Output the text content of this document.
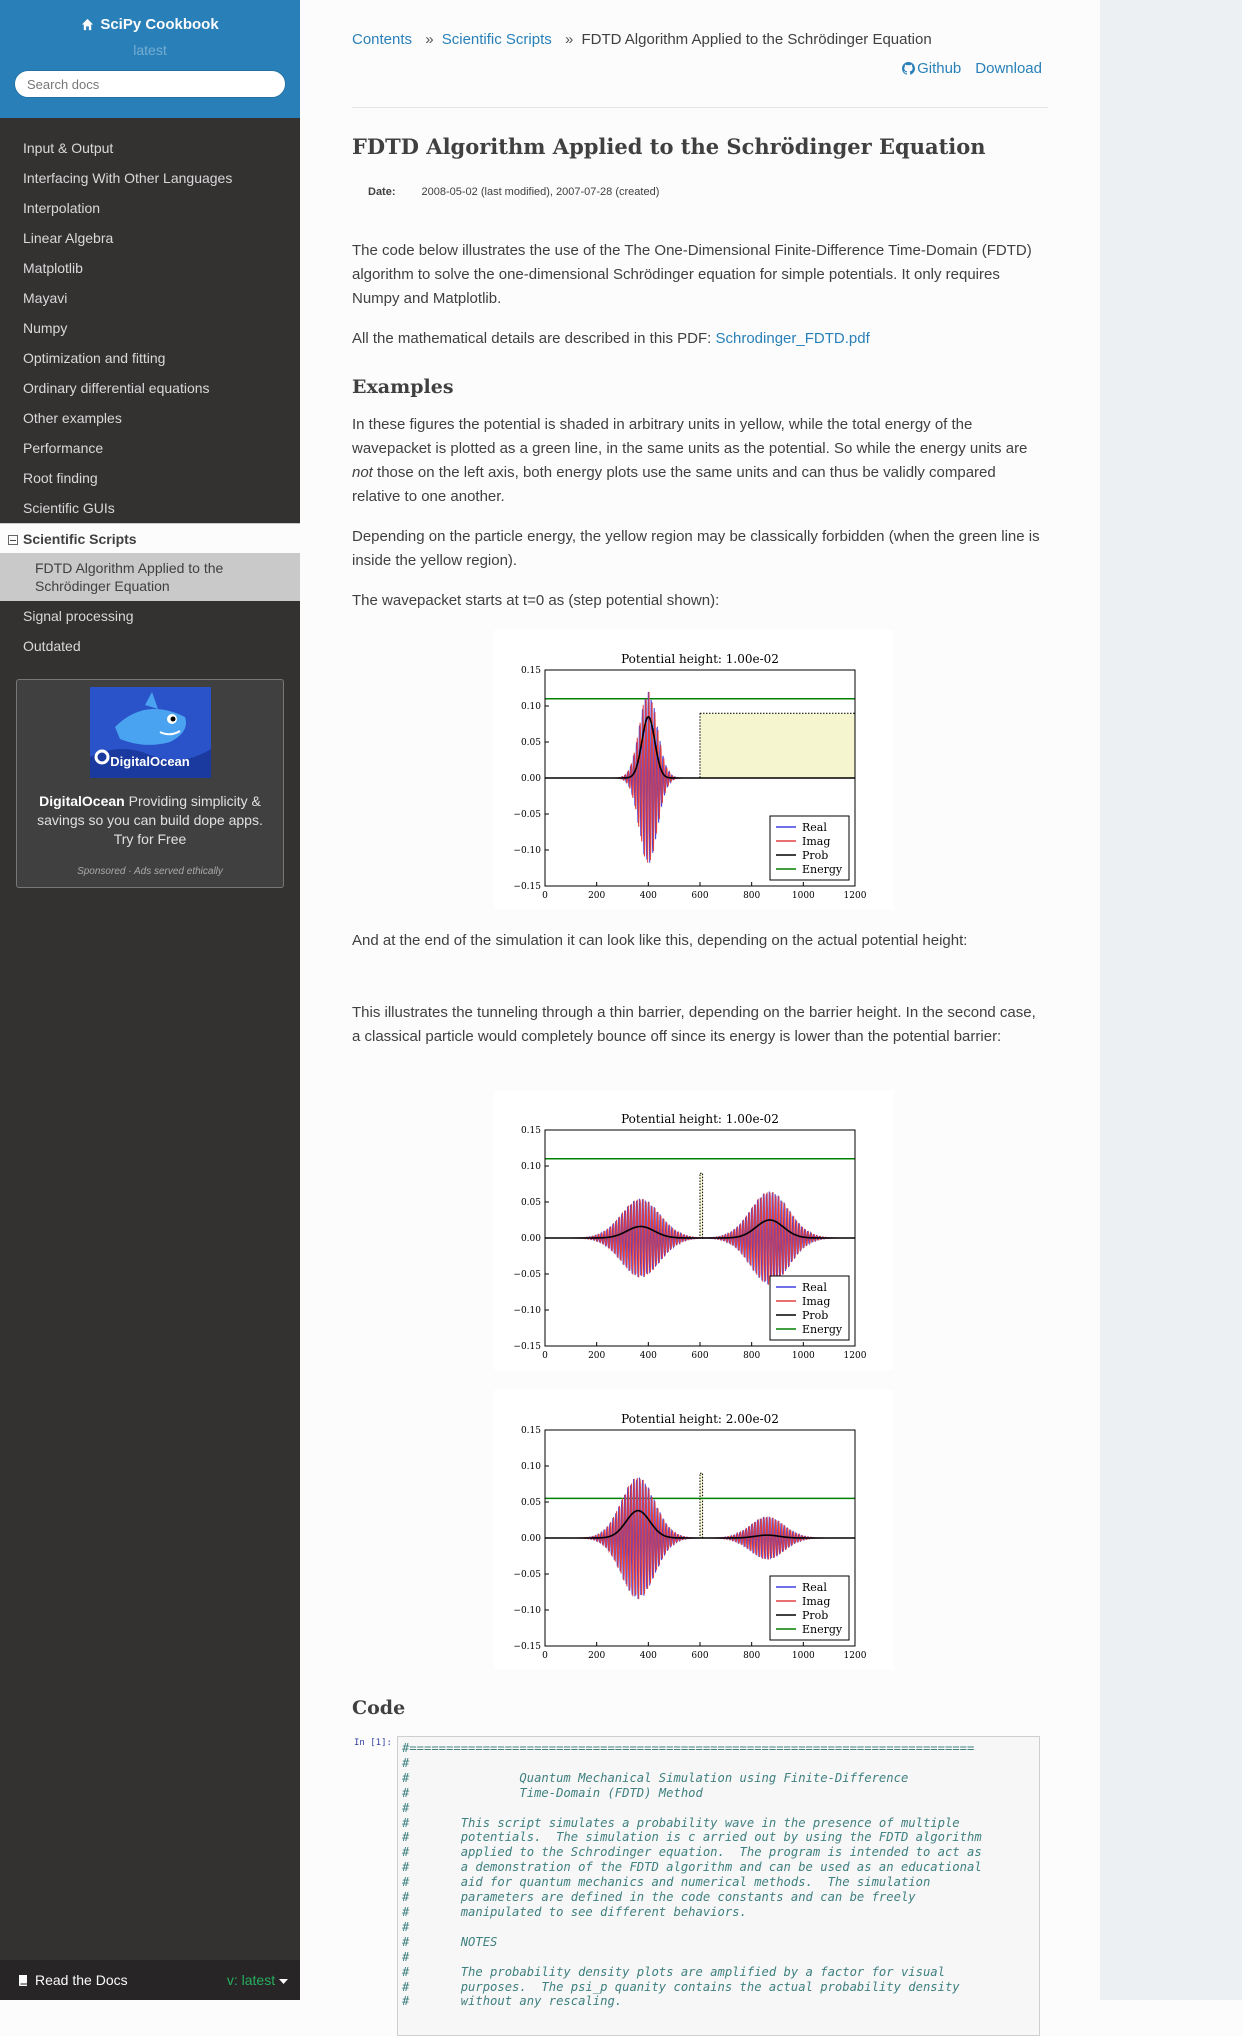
SciPy Cookbook
latest
Search docs
Input & Output
Interfacing With Other Languages
Interpolation
Linear Algebra
Matplotlib
Mayavi
Numpy
Optimization and fitting
Ordinary differential equations
Other examples
Performance
Root finding
Scientific GUIs
Scientific Scripts
FDTD Algorithm Applied to the Schrödinger Equation
Signal processing
Outdated
DigitalOcean
DigitalOcean Providing simplicity & savings so you can build dope apps. Try for Free
Sponsored · Ads served ethically
Read the Docs	v: latest
Contents » Scientific Scripts » FDTD Algorithm Applied to the Schrödinger Equation
Github Download
FDTD Algorithm Applied to the Schrödinger Equation
Date: 2008-05-02 (last modified), 2007-07-28 (created)

The code below illustrates the use of the The One-Dimensional Finite-Difference Time-Domain (FDTD) algorithm to solve the one-dimensional Schrödinger equation for simple potentials. It only requires Numpy and Matplotlib.

All the mathematical details are described in this PDF: Schrodinger_FDTD.pdf

Examples

In these figures the potential is shaded in arbitrary units in yellow, while the total energy of the wavepacket is plotted as a green line, in the same units as the potential. So while the energy units are not those on the left axis, both energy plots use the same units and can thus be validly compared relative to one another.

Depending on the particle energy, the yellow region may be classically forbidden (when the green line is inside the yellow region).

The wavepacket starts at t=0 as (step potential shown):

Potential height: 1.00e-02
0	200	400	600	800	1000	1200
0.15
0.10
0.05
0.00
−0.05
−0.10
−0.15
Real
Imag
Prob
Energy

And at the end of the simulation it can look like this, depending on the actual potential height:

This illustrates the tunneling through a thin barrier, depending on the barrier height. In the second case, a classical particle would completely bounce off since its energy is lower than the potential barrier:

Potential height: 1.00e-02
0	200	400	600	800	1000	1200
0.15
0.10
0.05
0.00
−0.05
−0.10
−0.15
Real
Imag
Prob
Energy
Potential height: 2.00e-02
0	200	400	600	800	1000	1200
0.15
0.10
0.05
0.00
−0.05
−0.10
−0.15
Real
Imag
Prob
Energy
Code
In [1]: #=============================================================================
#
#               Quantum Mechanical Simulation using Finite-Difference
#               Time-Domain (FDTD) Method
#
#       This script simulates a probability wave in the presence of multiple
#       potentials.  The simulation is c arried out by using the FDTD algorithm
#       applied to the Schrodinger equation.  The program is intended to act as
#       a demonstration of the FDTD algorithm and can be used as an educational
#       aid for quantum mechanics and numerical methods.  The simulation
#       parameters are defined in the code constants and can be freely
#       manipulated to see different behaviors.
#
#       NOTES
#
#       The probability density plots are amplified by a factor for visual
#       purposes.  The psi_p quanity contains the actual probability density
#       without any rescaling.
